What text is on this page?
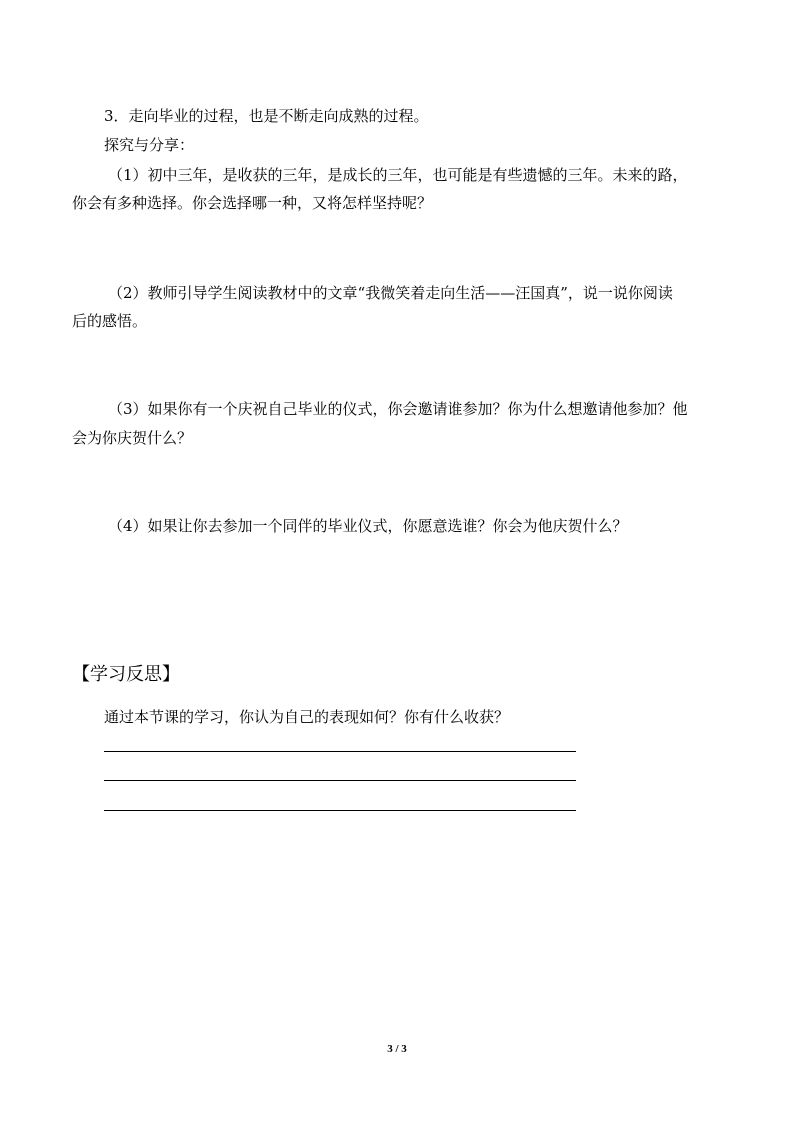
3．走向毕业的过程，也是不断走向成熟的过程。
探究与分享：
（1）初中三年，是收获的三年，是成长的三年，也可能是有些遗憾的三年。未来的路，
你会有多种选择。你会选择哪一种，又将怎样坚持呢？
（2）教师引导学生阅读教材中的文章“我微笑着走向生活——汪国真”，说一说你阅读
后的感悟。
（3）如果你有一个庆祝自己毕业的仪式，你会邀请谁参加？你为什么想邀请他参加？他
会为你庆贺什么？
（4）如果让你去参加一个同伴的毕业仪式，你愿意选谁？你会为他庆贺什么？
【学习反思】
通过本节课的学习，你认为自己的表现如何？你有什么收获？
3 / 3
